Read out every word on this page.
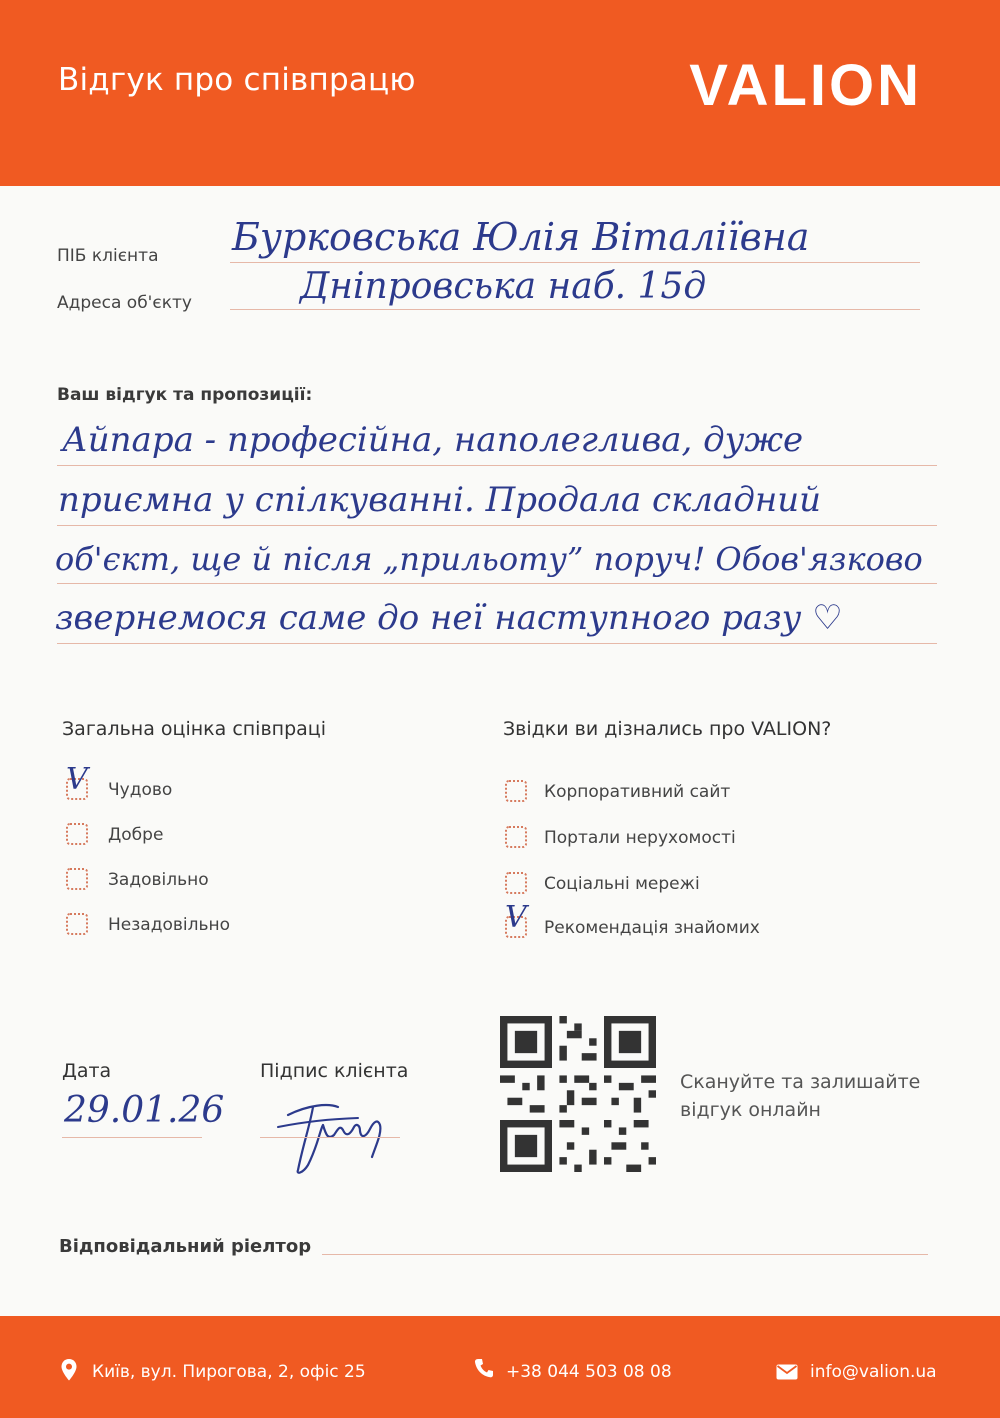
Відгук про співпрацю	VALION
ПІБ клієнта Бурковська Юлія Віталіївна
Адреса об'єкту	Дніпровська наб. 15д
Ваш відгук та пропозиції:
Айпара - професійна, наполеглива, дуже
приємна у спілкуванні. Продала складний
об'єкт, ще й після „прильоту” поруч! Обов'язково
звернемося саме до неї наступного разу ♡
Загальна оцінка співпраці
V Чудово
Добре
Задовільно
Незадовільно
Звідки ви дізнались про VALION?
Корпоративний сайт
Портали нерухомості
Соціальні мережі
V Рекомендація знайомих
Дата
29.01.26
Підпис клієнта	Скануйте та залишайте відгук онлайн
Відповідальний ріелтор
Київ, вул. Пирогова, 2, офіс 25	+38 044 503 08 08	info@valion.ua
